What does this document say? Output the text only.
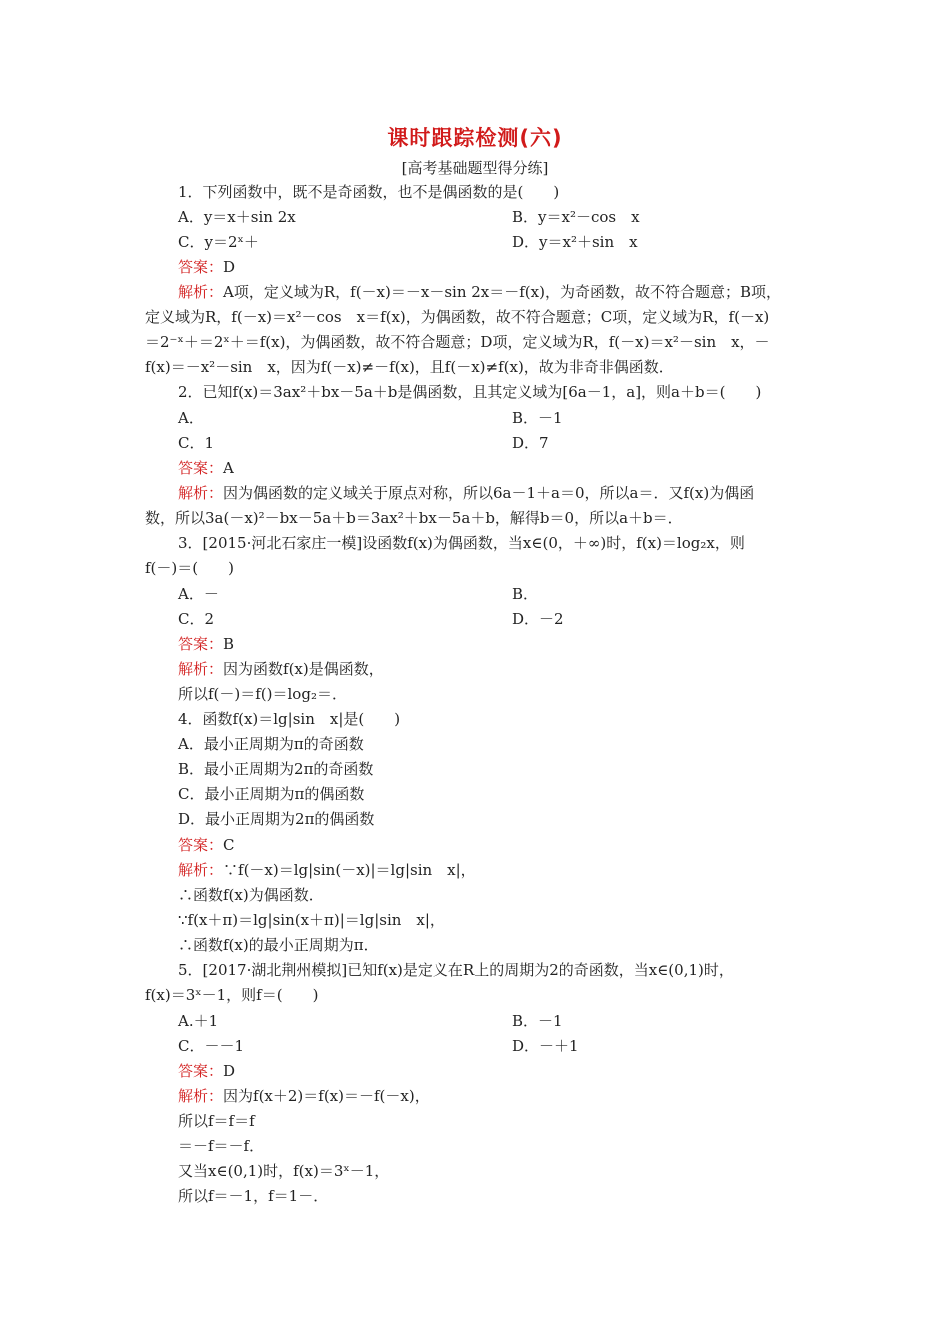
课时跟踪检测(六)
[高考基础题型得分练]
1．下列函数中，既不是奇函数，也不是偶函数的是(　　)
A．y＝x＋sin 2x	B．y＝x²－cos　x
C．y＝2ˣ＋	D．y＝x²＋sin　x
答案：D
解析：A项，定义域为R，f(－x)＝－x－sin 2x＝－f(x)，为奇函数，故不符合题意；B项，
定义域为R，f(－x)＝x²－cos　x＝f(x)，为偶函数，故不符合题意；C项，定义域为R，f(－x)
＝2⁻ˣ＋＝2ˣ＋＝f(x)，为偶函数，故不符合题意；D项，定义域为R，f(－x)＝x²－sin　x，－
f(x)＝－x²－sin　x，因为f(－x)≠－f(x)，且f(－x)≠f(x)，故为非奇非偶函数．
2．已知f(x)＝3ax²＋bx－5a＋b是偶函数，且其定义域为[6a－1，a]，则a＋b＝(　　)
A．	B．－1
C．1	D．7
答案：A
解析：因为偶函数的定义域关于原点对称，所以6a－1＋a＝0，所以a＝．又f(x)为偶函
数，所以3a(－x)²－bx－5a＋b＝3ax²＋bx－5a＋b，解得b＝0，所以a＋b＝．
3．[2015·河北石家庄一模]设函数f(x)为偶函数，当x∈(0，＋∞)时，f(x)＝log₂x，则
f(－)＝(　　)
A．－	B．
C．2	D．－2
答案：B
解析：因为函数f(x)是偶函数，
所以f(－)＝f()＝log₂＝．
4．函数f(x)＝lg|sin　x|是(　　)
A．最小正周期为π的奇函数
B．最小正周期为2π的奇函数
C．最小正周期为π的偶函数
D．最小正周期为2π的偶函数
答案：C
解析：∵f(－x)＝lg|sin(－x)|＝lg|sin　x|，
∴函数f(x)为偶函数．
∵f(x＋π)＝lg|sin(x＋π)|＝lg|sin　x|，
∴函数f(x)的最小正周期为π．
5．[2017·湖北荆州模拟]已知f(x)是定义在R上的周期为2的奇函数，当x∈(0,1)时，
f(x)＝3ˣ－1，则f＝(　　)
A.＋1	B．－1
C．－－1	D．－＋1
答案：D
解析：因为f(x＋2)＝f(x)＝－f(－x)，
所以f＝f＝f
＝－f＝－f．
又当x∈(0,1)时，f(x)＝3ˣ－1，
所以f＝－1，f＝1－．
